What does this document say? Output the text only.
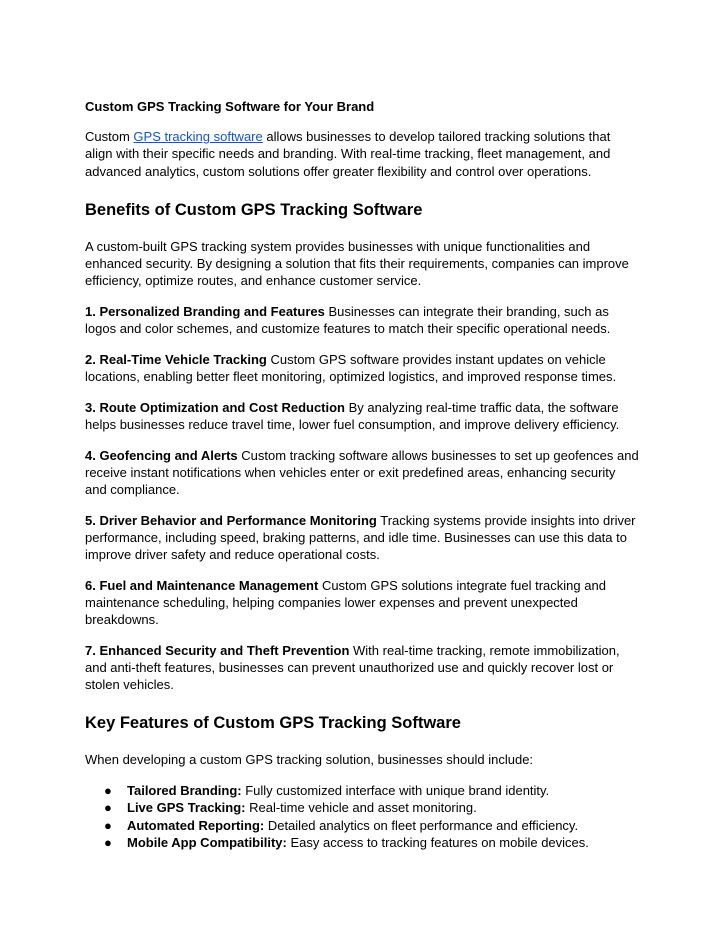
Custom GPS Tracking Software for Your Brand

Custom GPS tracking software allows businesses to develop tailored tracking solutions that align with their specific needs and branding. With real-time tracking, fleet management, and advanced analytics, custom solutions offer greater flexibility and control over operations.

Benefits of Custom GPS Tracking Software

A custom-built GPS tracking system provides businesses with unique functionalities and enhanced security. By designing a solution that fits their requirements, companies can improve efficiency, optimize routes, and enhance customer service.

1. Personalized Branding and Features Businesses can integrate their branding, such as logos and color schemes, and customize features to match their specific operational needs.

2. Real-Time Vehicle Tracking Custom GPS software provides instant updates on vehicle locations, enabling better fleet monitoring, optimized logistics, and improved response times.

3. Route Optimization and Cost Reduction By analyzing real-time traffic data, the software helps businesses reduce travel time, lower fuel consumption, and improve delivery efficiency.

4. Geofencing and Alerts Custom tracking software allows businesses to set up geofences and receive instant notifications when vehicles enter or exit predefined areas, enhancing security and compliance.

5. Driver Behavior and Performance Monitoring Tracking systems provide insights into driver performance, including speed, braking patterns, and idle time. Businesses can use this data to improve driver safety and reduce operational costs.

6. Fuel and Maintenance Management Custom GPS solutions integrate fuel tracking and maintenance scheduling, helping companies lower expenses and prevent unexpected breakdowns.

7. Enhanced Security and Theft Prevention With real-time tracking, remote immobilization, and anti-theft features, businesses can prevent unauthorized use and quickly recover lost or stolen vehicles.

Key Features of Custom GPS Tracking Software

When developing a custom GPS tracking solution, businesses should include:

● Tailored Branding: Fully customized interface with unique brand identity.
● Live GPS Tracking: Real-time vehicle and asset monitoring.
● Automated Reporting: Detailed analytics on fleet performance and efficiency.
● Mobile App Compatibility: Easy access to tracking features on mobile devices.
